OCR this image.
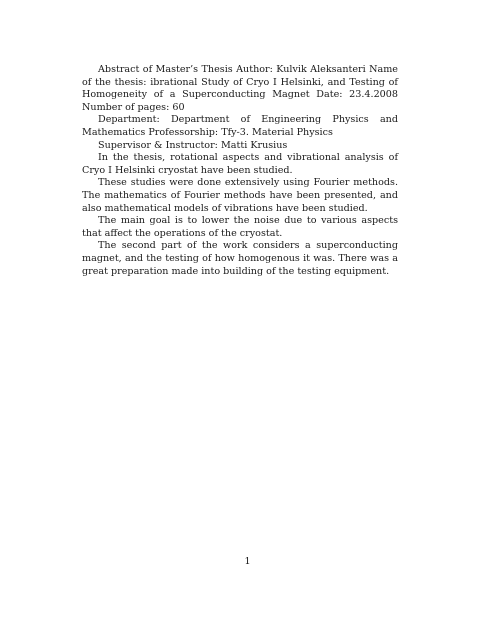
Abstract of Master’s Thesis Author: Kulvik Aleksanteri Name of the thesis: ibrational Study of Cryo I Helsinki, and Testing of Homogeneity of a Superconducting Magnet Date: 23.4.2008 Number of pages: 60

Department: Department of Engineering Physics and Mathematics Professorship: Tfy-3. Material Physics

Supervisor & Instructor: Matti Krusius

In the thesis, rotational aspects and vibrational analysis of Cryo I Helsinki cryostat have been studied.

These studies were done extensively using Fourier methods. The mathematics of Fourier methods have been presented, and also mathematical models of vibrations have been studied.

The main goal is to lower the noise due to various aspects that affect the operations of the cryostat.

The second part of the work considers a superconducting magnet, and the testing of how homogenous it was. There was a great preparation made into building of the testing equipment.

1
